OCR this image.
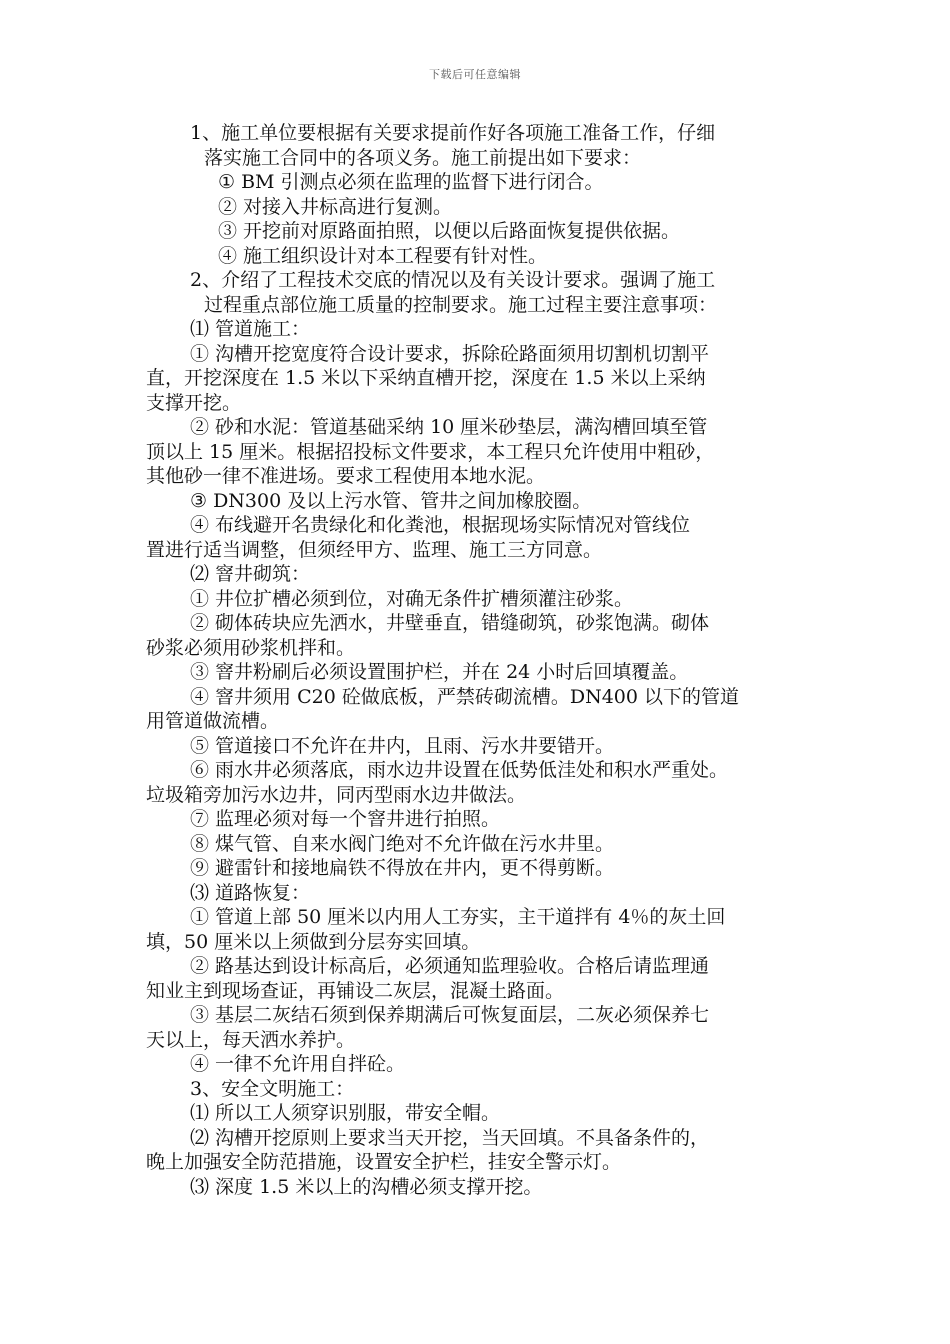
下载后可任意编辑
1、施工单位要根据有关要求提前作好各项施工准备工作，仔细
落实施工合同中的各项义务。施工前提出如下要求：
① BM 引测点必须在监理的监督下进行闭合。
② 对接入井标高进行复测。
③ 开挖前对原路面拍照，以便以后路面恢复提供依据。
④ 施工组织设计对本工程要有针对性。
2、介绍了工程技术交底的情况以及有关设计要求。强调了施工
过程重点部位施工质量的控制要求。施工过程主要注意事项：
⑴ 管道施工：
① 沟槽开挖宽度符合设计要求，拆除砼路面须用切割机切割平
直，开挖深度在 1.5 米以下采纳直槽开挖，深度在 1.5 米以上采纳
支撑开挖。
② 砂和水泥：管道基础采纳 10 厘米砂垫层，满沟槽回填至管
顶以上 15 厘米。根据招投标文件要求，本工程只允许使用中粗砂，
其他砂一律不准进场。要求工程使用本地水泥。
③ DN300 及以上污水管、管井之间加橡胶圈。
④ 布线避开名贵绿化和化粪池，根据现场实际情况对管线位
置进行适当调整，但须经甲方、监理、施工三方同意。
⑵ 窨井砌筑：
① 井位扩槽必须到位，对确无条件扩槽须灌注砂浆。
② 砌体砖块应先洒水，井壁垂直，错缝砌筑，砂浆饱满。砌体
砂浆必须用砂浆机拌和。
③ 窨井粉刷后必须设置围护栏，并在 24 小时后回填覆盖。
④ 窨井须用 C20 砼做底板，严禁砖砌流槽。DN400 以下的管道
用管道做流槽。
⑤ 管道接口不允许在井内，且雨、污水井要错开。
⑥ 雨水井必须落底，雨水边井设置在低势低洼处和积水严重处。
垃圾箱旁加污水边井，同丙型雨水边井做法。
⑦ 监理必须对每一个窨井进行拍照。
⑧ 煤气管、自来水阀门绝对不允许做在污水井里。
⑨ 避雷针和接地扁铁不得放在井内，更不得剪断。
⑶ 道路恢复：
① 管道上部 50 厘米以内用人工夯实，主干道拌有 4％的灰土回
填，50 厘米以上须做到分层夯实回填。
② 路基达到设计标高后，必须通知监理验收。合格后请监理通
知业主到现场查证，再铺设二灰层，混凝土路面。
③ 基层二灰结石须到保养期满后可恢复面层，二灰必须保养七
天以上，每天洒水养护。
④ 一律不允许用自拌砼。
3、安全文明施工：
⑴ 所以工人须穿识别服，带安全帽。
⑵ 沟槽开挖原则上要求当天开挖，当天回填。不具备条件的，
晚上加强安全防范措施，设置安全护栏，挂安全警示灯。
⑶ 深度 1.5 米以上的沟槽必须支撑开挖。
